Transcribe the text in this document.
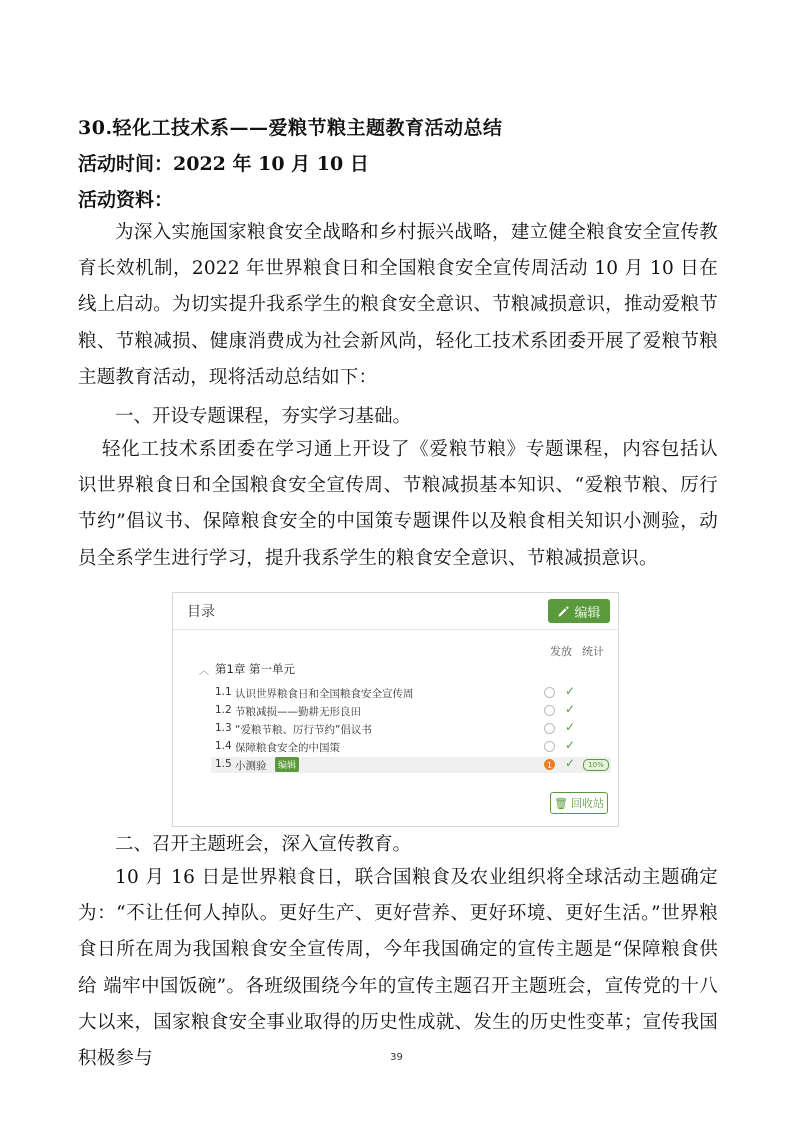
30.轻化工技术系——爱粮节粮主题教育活动总结
活动时间：2022 年 10 月 10 日
活动资料：
为深入实施国家粮食安全战略和乡村振兴战略，建立健全粮食安全宣传教育长效机制，2022 年世界粮食日和全国粮食安全宣传周活动 10 月 10 日在线上启动。为切实提升我系学生的粮食安全意识、节粮减损意识，推动爱粮节粮、节粮减损、健康消费成为社会新风尚，轻化工技术系团委开展了爱粮节粮主题教育活动，现将活动总结如下：
一、开设专题课程，夯实学习基础。
轻化工技术系团委在学习通上开设了《爱粮节粮》专题课程，内容包括认识世界粮食日和全国粮食安全宣传周、节粮减损基本知识、“爱粮节粮、厉行节约”倡议书、保障粮食安全的中国策专题课件以及粮食相关知识小测验，动员全系学生进行学习，提升我系学生的粮食安全意识、节粮减损意识。
目录	编辑
发放 统计
︿ 第1章 第一单元
1.1 认识世界粮食日和全国粮食安全宣传周	✓
1.2 节粮减损——勤耕无形良田	✓
1.3 “爱粮节粮、厉行节约”倡议书	✓
1.4 保障粮食安全的中国策	✓
1.5 小测验	编辑	1 ✓	10%
🗑 回收站
二、召开主题班会，深入宣传教育。
10 月 16 日是世界粮食日，联合国粮食及农业组织将全球活动主题确定为：“不让任何人掉队。更好生产、更好营养、更好环境、更好生活。”世界粮食日所在周为我国粮食安全宣传周，今年我国确定的宣传主题是“保障粮食供给 端牢中国饭碗”。各班级围绕今年的宣传主题召开主题班会，宣传党的十八大以来，国家粮食安全事业取得的历史性成就、发生的历史性变革；宣传我国积极参与	39
